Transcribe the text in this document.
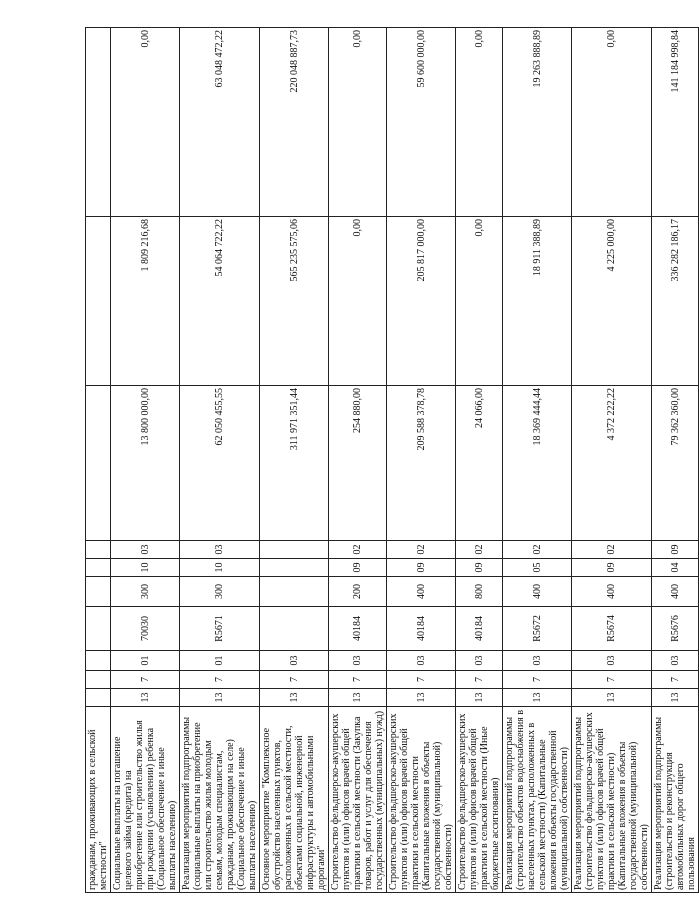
гражданам, проживающих в сельской местности"										
Социальные выплаты на погашение целевого займа (кредита) на приобретение или строительство жилья при рождении (усыновлении) ребенка (Социальное обеспечение и иные выплаты населению)	13	7	01	70030	300	10	03	13 800 000,00	1 809 216,68	0,00
Реализация мероприятий подпрограммы (социальные выплаты на приобретение или строительство жилья молодым семьям, молодым специалистам, гражданам, проживающим на селе) (Социальное обеспечение и иные выплаты населению)	13	7	01	R5671	300	10	03	62 050 455,55	54 064 722,22	63 048 472,22
Основное мероприятие "Комплексное обустройство населенных пунктов, расположенных в сельской местности, объектами социальной, инженерной инфраструктуры и автомобильными дорогами"	13	7	03					311 971 351,44	565 235 575,06	220 048 887,73
Строительство фельдшерско-акушерских пунктов и (или) офисов врачей общей практики в сельской местности (Закупка товаров, работ и услуг для обеспечения государственных (муниципальных) нужд)	13	7	03	40184	200	09	02	254 880,00	0,00	0,00
Строительство фельдшерско-акушерских пунктов и (или) офисов врачей общей практики в сельской местности (Капитальные вложения в объекты государственной (муниципальной) собственности)	13	7	03	40184	400	09	02	209 588 378,78	205 817 000,00	59 600 000,00
Строительство фельдшерско-акушерских пунктов и (или) офисов врачей общей практики в сельской местности (Иные бюджетные ассигнования)	13	7	03	40184	800	09	02	24 066,00	0,00	0,00
Реализация мероприятий подпрограммы (строительство объектов водоснабжения в населенных пунктах, расположенных в сельской местности) (Капитальные вложения в объекты государственной (муниципальной) собственности)	13	7	03	R5672	400	05	02	18 369 444,44	18 911 388,89	19 263 888,89
Реализация мероприятий подпрограммы (строительство фельдшерско-акушерских пунктов и (или) офисов врачей общей практики в сельской местности) (Капитальные вложения в объекты государственной (муниципальной) собственности)	13	7	03	R5674	400	09	02	4 372 222,22	4 225 000,00	0,00
Реализация мероприятий подпрограммы (строительство и реконструкция автомобильных дорог общего пользования	13	7	03	R5676	400	04	09	79 362 360,00	336 282 186,17	141 184 998,84
